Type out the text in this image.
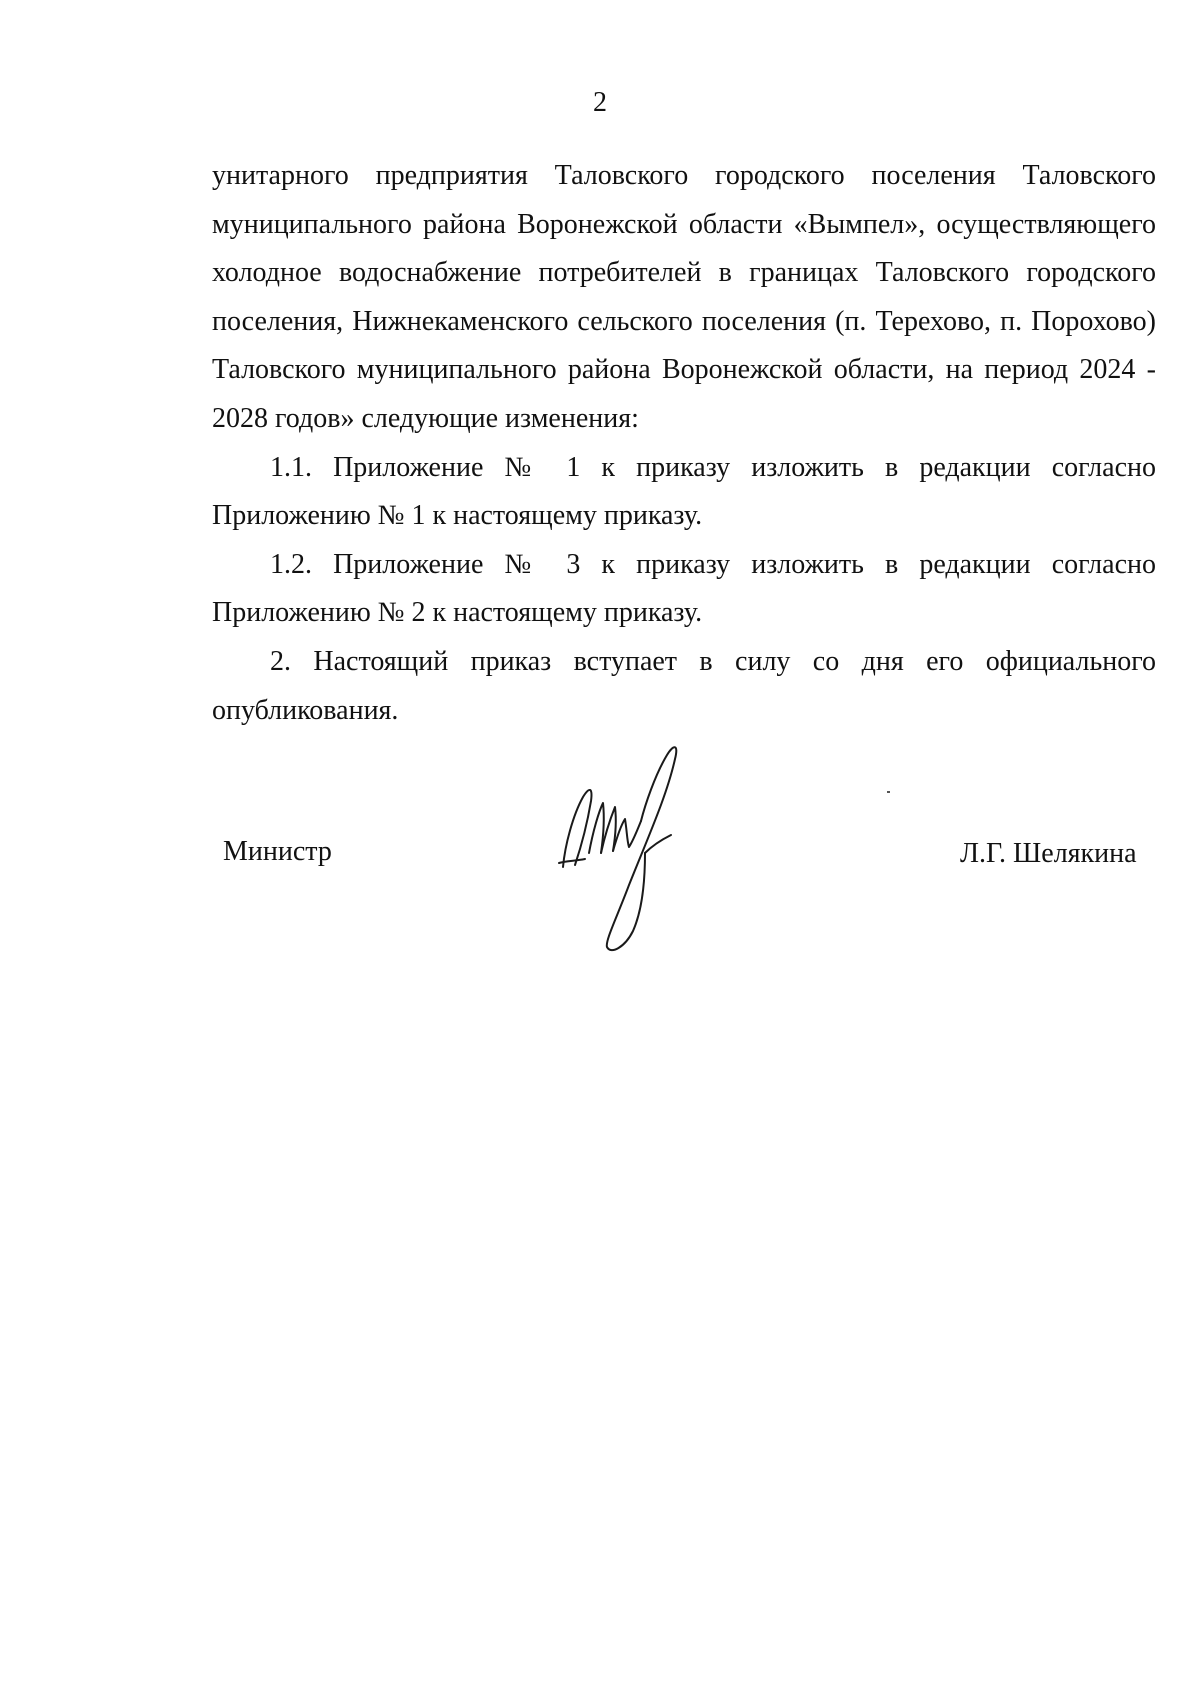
2

унитарного предприятия Таловского городского поселения Таловского муниципального района Воронежской области «Вымпел», осуществляющего холодное водоснабжение потребителей в границах Таловского городского поселения, Нижнекаменского сельского поселения (п. Терехово, п. Порохово) Таловского муниципального района Воронежской области, на период 2024 - 2028 годов» следующие изменения:

1.1. Приложение № 1 к приказу изложить в редакции согласно Приложению № 1 к настоящему приказу.

1.2. Приложение № 3 к приказу изложить в редакции согласно Приложению № 2 к настоящему приказу.

2. Настоящий приказ вступает в силу со дня его официального опубликования.

Министр	Л.Г. Шелякина
